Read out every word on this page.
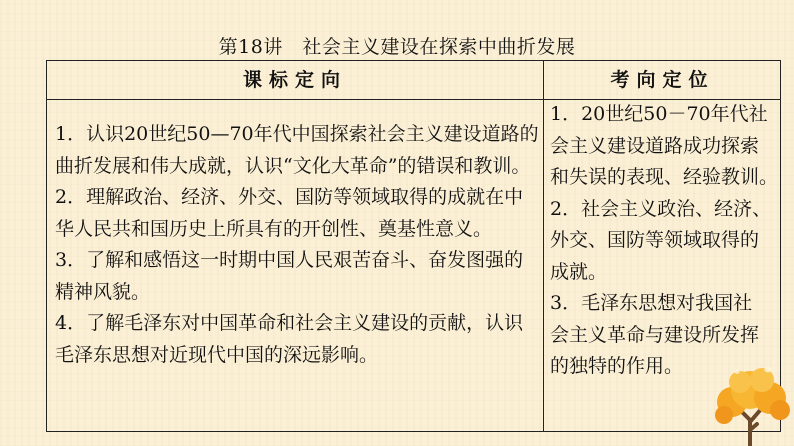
第18讲　社会主义建设在探索中曲折发展
课标定向	考向定位
1．认识20世纪50—70年代中国探索社会主义建设道路的
曲折发展和伟大成就，认识“文化大革命”的错误和教训。
2．理解政治、经济、外交、国防等领域取得的成就在中
华人民共和国历史上所具有的开创性、奠基性意义。
3．了解和感悟这一时期中国人民艰苦奋斗、奋发图强的
精神风貌。
4．了解毛泽东对中国革命和社会主义建设的贡献，认识
毛泽东思想对近现代中国的深远影响。
1．20世纪50－70年代社
会主义建设道路成功探索
和失误的表现、经验教训。
2．社会主义政治、经济、
外交、国防等领域取得的
成就。
3．毛泽东思想对我国社
会主义革命与建设所发挥
的独特的作用。
